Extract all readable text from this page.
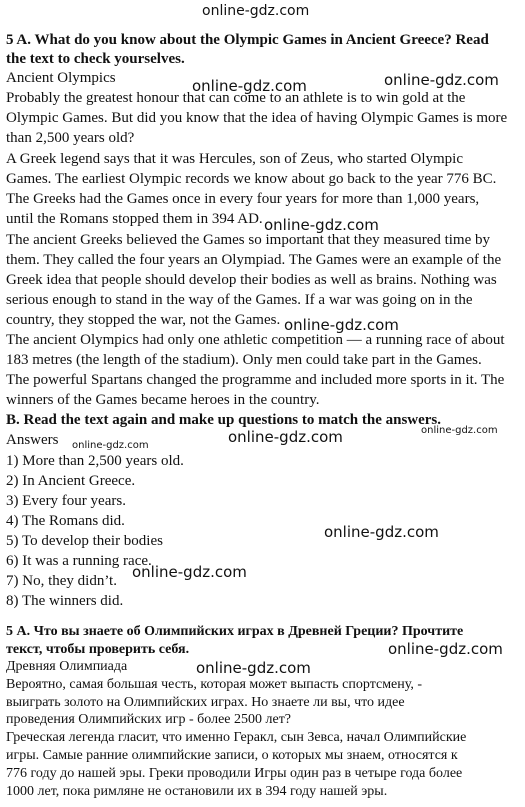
online-gdz.com
online-gdz.com	online-gdz.com
online-gdz.com
online-gdz.com
online-gdz.com	online-gdz.com
online-gdz.com
online-gdz.com
online-gdz.com
online-gdz.com
online-gdz.com
5 A. What do you know about the Olympic Games in Ancient Greece? Read
the text to check yourselves.
Ancient Olympics
Probably the greatest honour that can come to an athlete is to win gold at the
Olympic Games. But did you know that the idea of having Olympic Games is more
than 2,500 years old?
A Greek legend says that it was Hercules, son of Zeus, who started Olympic
Games. The earliest Olympic records we know about go back to the year 776 BC.
The Greeks had the Games once in every four years for more than 1,000 years,
until the Romans stopped them in 394 AD.
The ancient Greeks believed the Games so important that they measured time by
them. They called the four years an Olympiad. The Games were an example of the
Greek idea that people should develop their bodies as well as brains. Nothing was
serious enough to stand in the way of the Games. If a war was going on in the
country, they stopped the war, not the Games.
The ancient Olympics had only one athletic competition — a running race of about
183 metres (the length of the stadium). Only men could take part in the Games.
The powerful Spartans changed the programme and included more sports in it. The
winners of the Games became heroes in the country.
B. Read the text again and make up questions to match the answers.
Answers
1) More than 2,500 years old.
2) In Ancient Greece.
3) Every four years.
4) The Romans did.
5) To develop their bodies
6) It was a running race.
7) No, they didn’t.
8) The winners did.
5 А. Что вы знаете об Олимпийских играх в Древней Греции? Прочтите
текст, чтобы проверить себя.
Древняя Олимпиада
Вероятно, самая большая честь, которая может выпасть спортсмену, -
выиграть золото на Олимпийских играх. Но знаете ли вы, что идее
проведения Олимпийских игр - более 2500 лет?
Греческая легенда гласит, что именно Геракл, сын Зевса, начал Олимпийские
игры. Самые ранние олимпийские записи, о которых мы знаем, относятся к
776 году до нашей эры. Греки проводили Игры один раз в четыре года более
1000 лет, пока римляне не остановили их в 394 году нашей эры.
